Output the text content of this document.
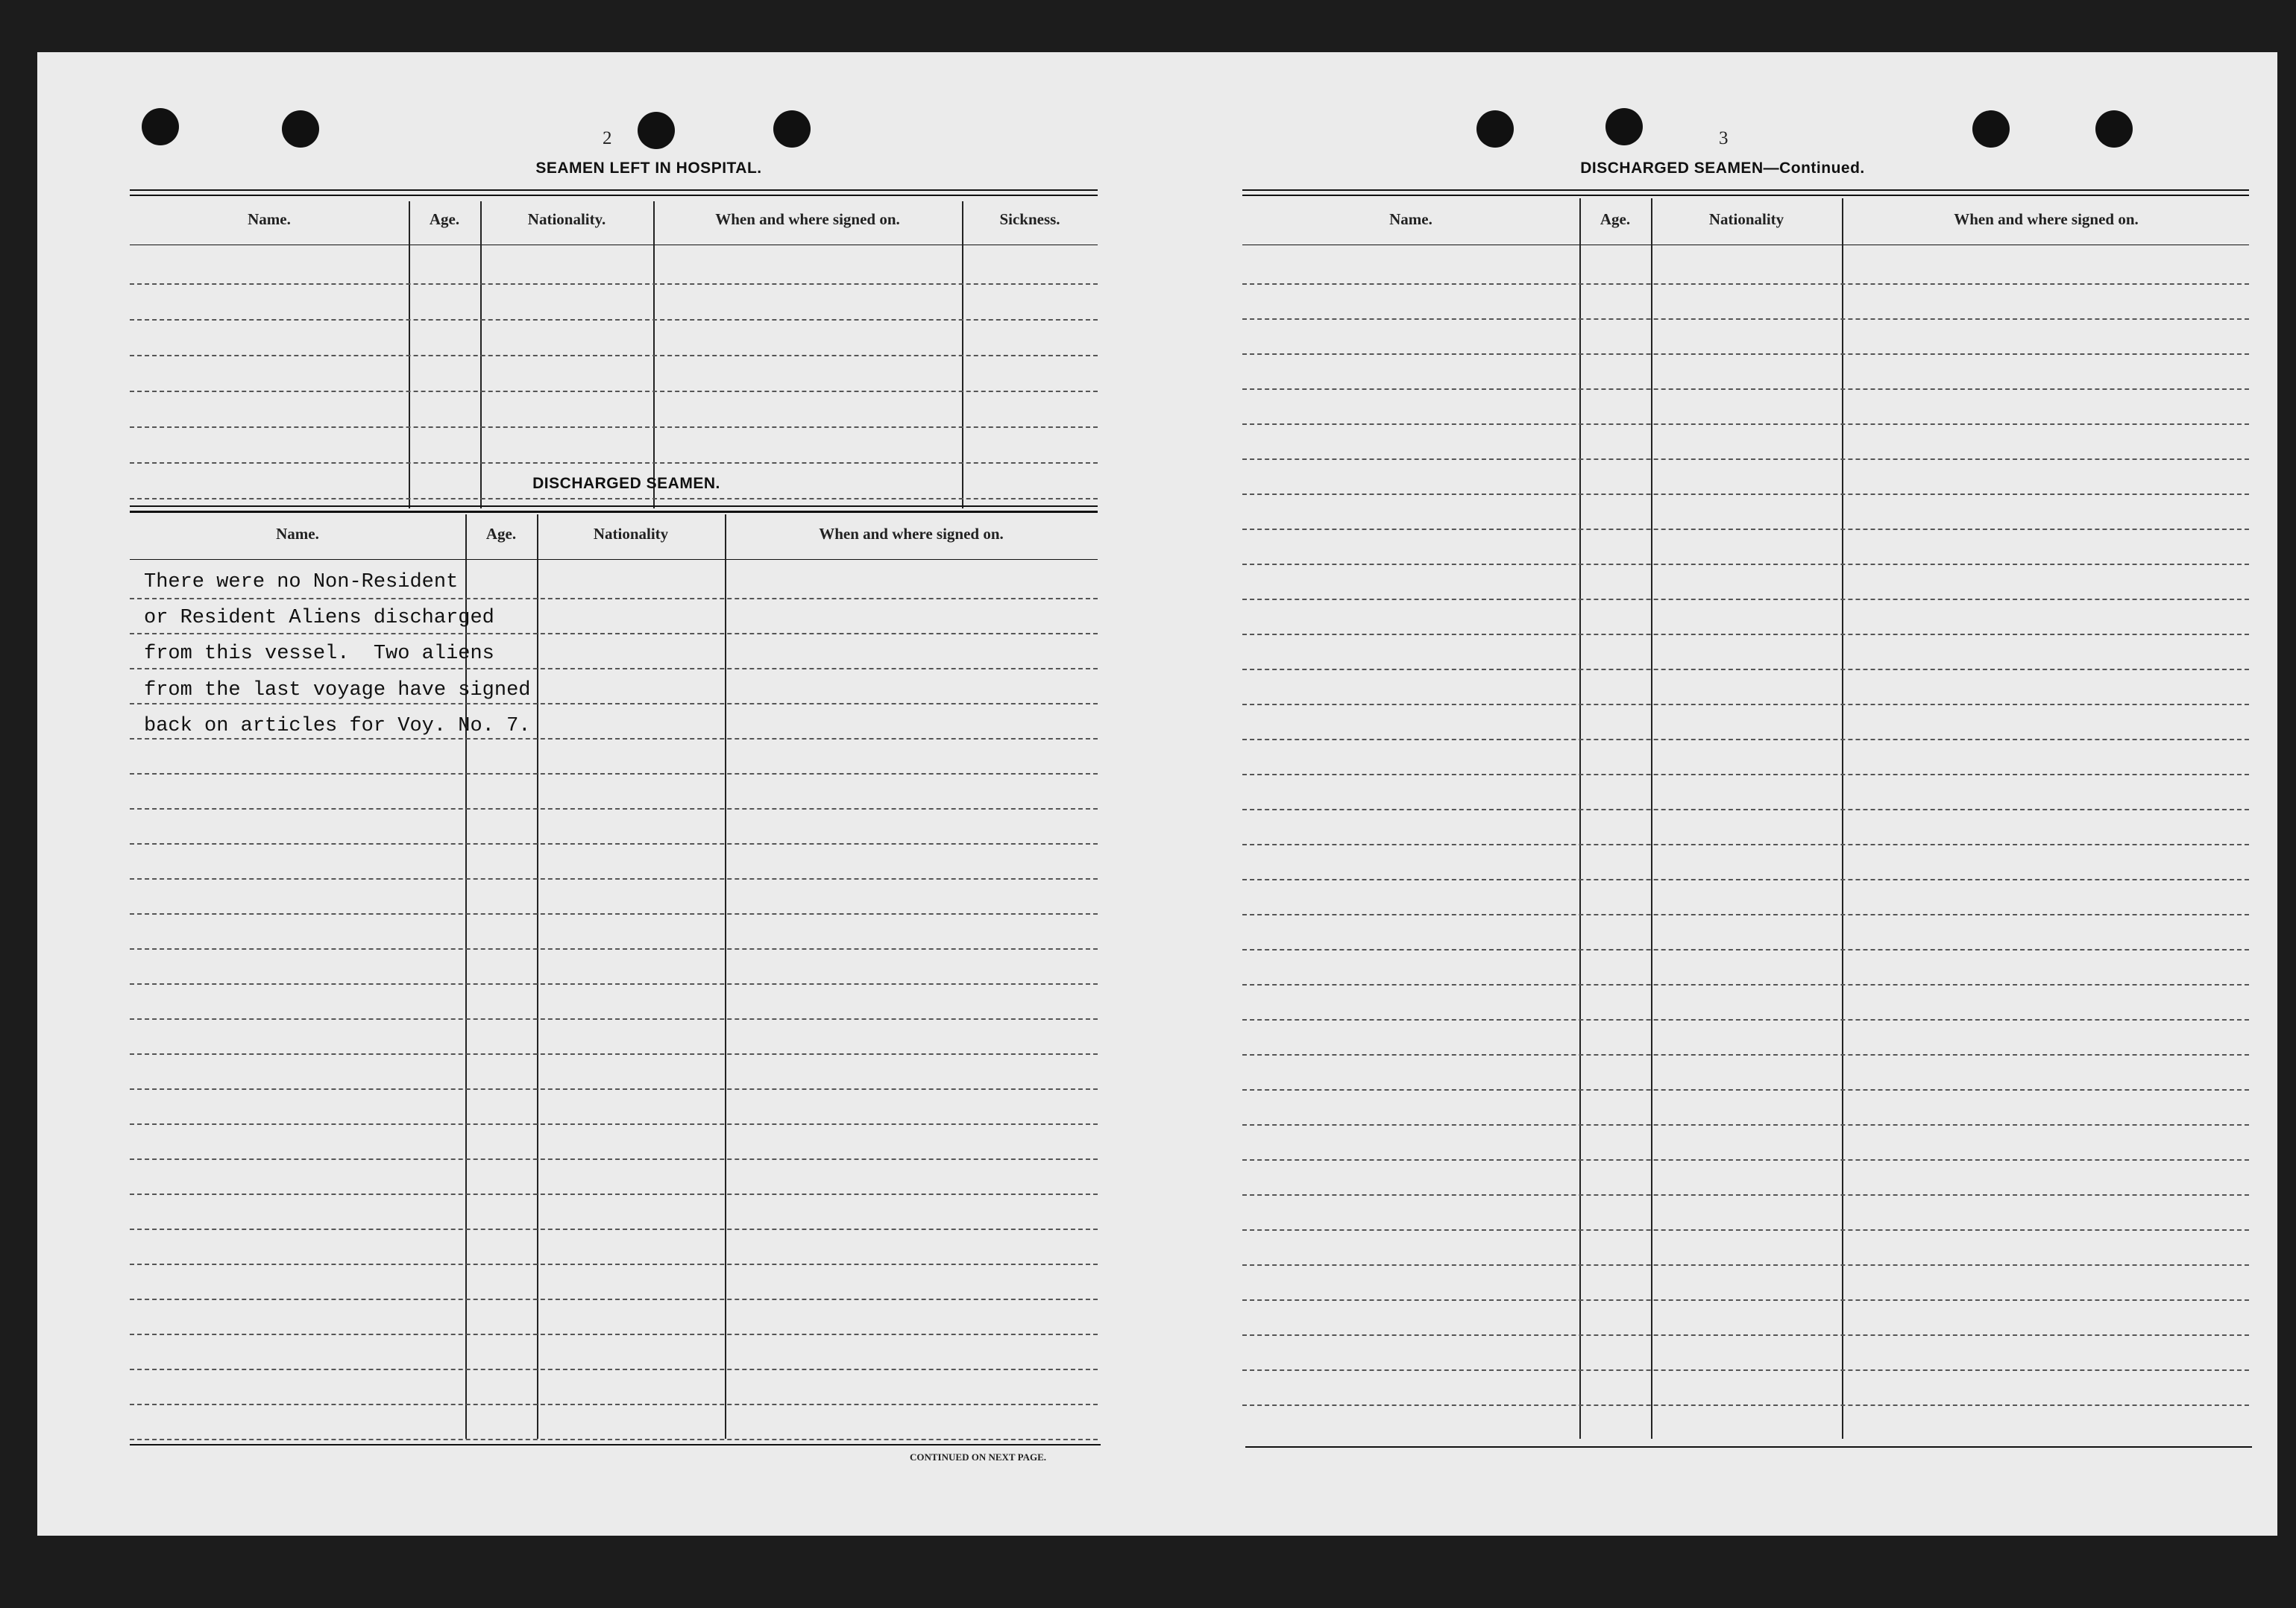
2
SEAMEN LEFT IN HOSPITAL.
Name.	Age.	Nationality.	When and where signed on.	Sickness.
DISCHARGED SEAMEN.
Name.	Age.	Nationality	When and where signed on.
There were no Non-Resident
or Resident Aliens discharged
from this vessel.  Two aliens
from the last voyage have signed
back on articles for Voy. No. 7.
CONTINUED ON NEXT PAGE.
3
DISCHARGED SEAMEN—Continued.
Name.	Age.	Nationality	When and where signed on.
